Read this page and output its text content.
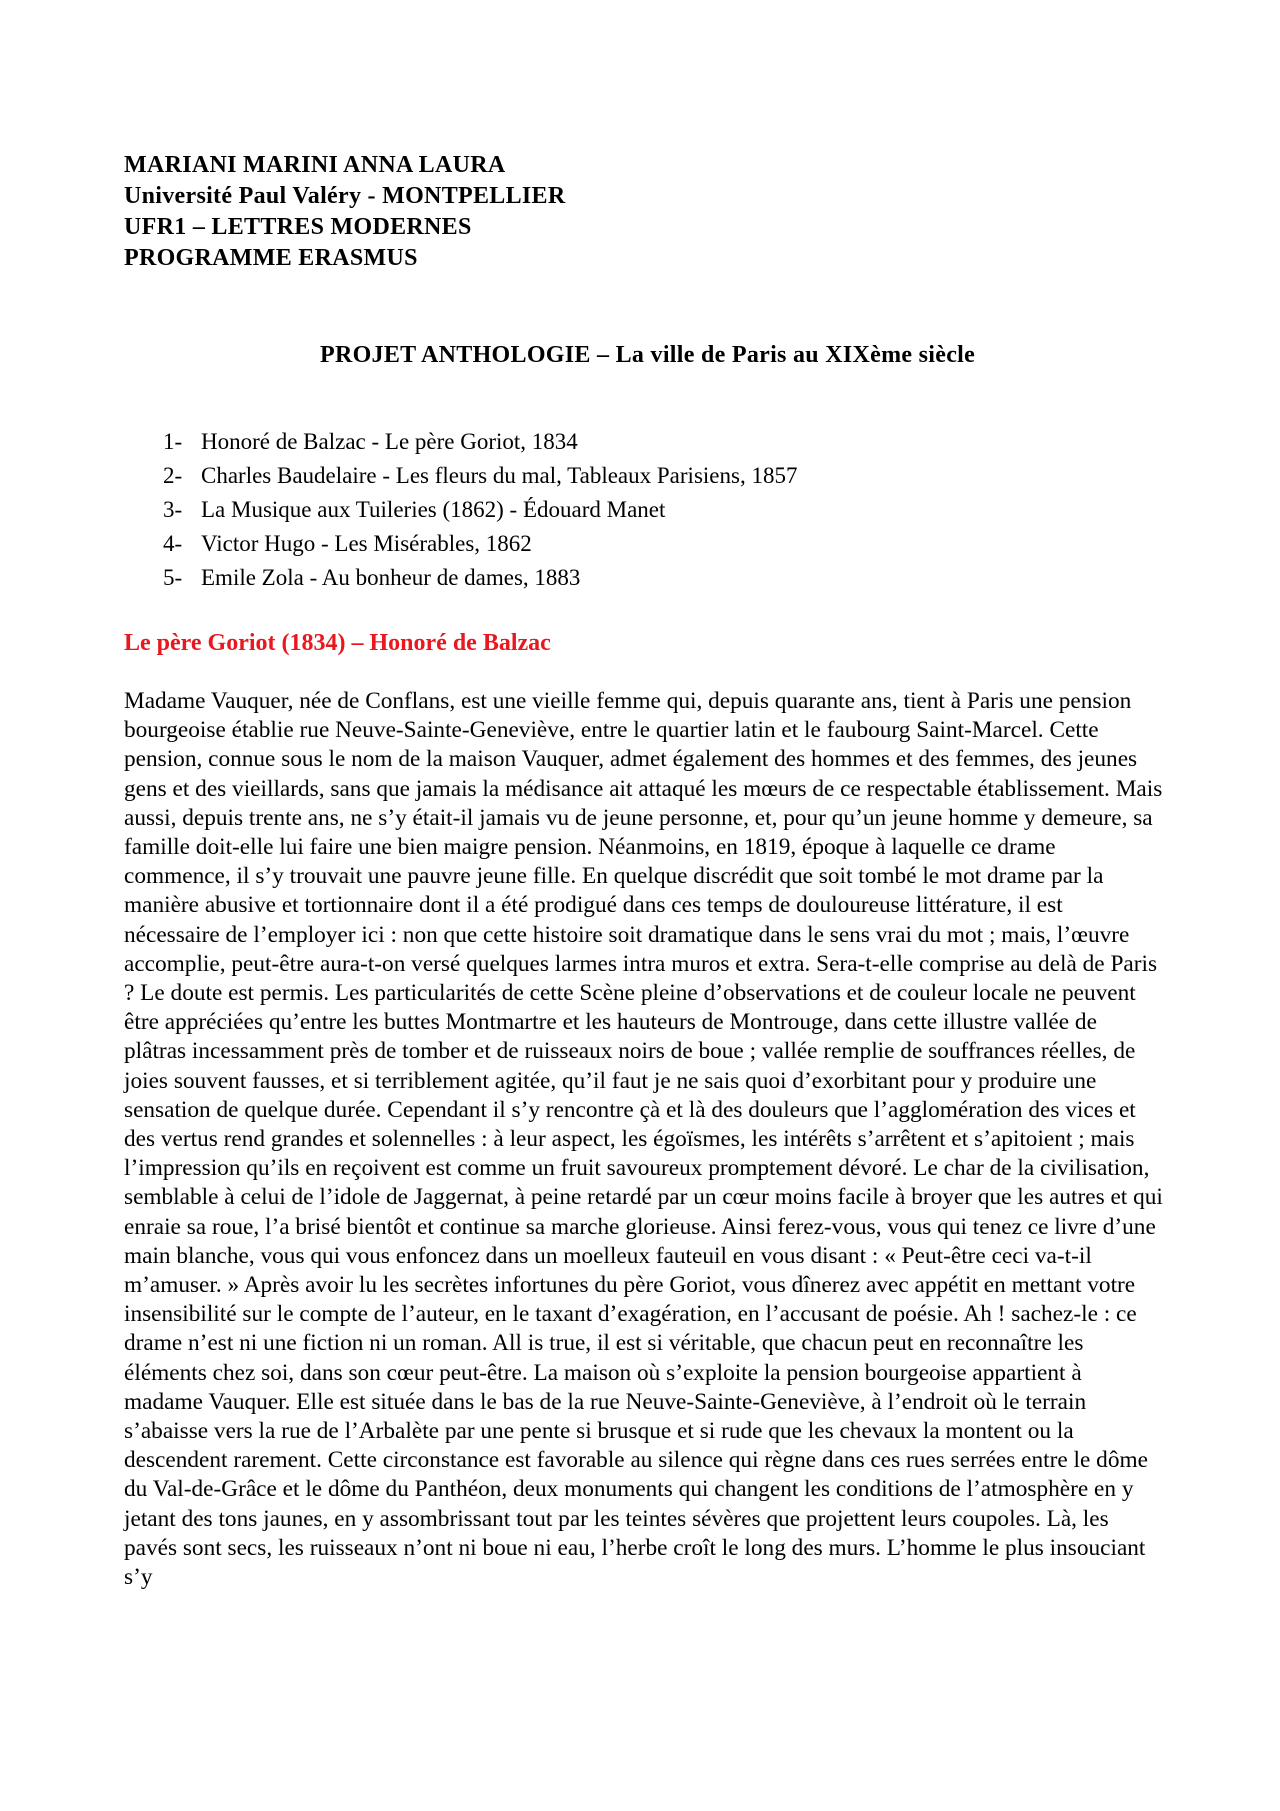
MARIANI MARINI ANNA LAURA
Université Paul Valéry - MONTPELLIER
UFR1 – LETTRES MODERNES
PROGRAMME ERASMUS
PROJET ANTHOLOGIE – La ville de Paris au XIXème siècle
1- Honoré de Balzac - Le père Goriot, 1834
2- Charles Baudelaire - Les fleurs du mal, Tableaux Parisiens, 1857
3- La Musique aux Tuileries (1862) - Édouard Manet
4- Victor Hugo - Les Misérables, 1862
5- Emile Zola - Au bonheur de dames, 1883
Le père Goriot (1834) – Honoré de Balzac

Madame Vauquer, née de Conflans, est une vieille femme qui, depuis quarante ans, tient à Paris une pension bourgeoise établie rue Neuve-Sainte-Geneviève, entre le quartier latin et le faubourg Saint-Marcel. Cette pension, connue sous le nom de la maison Vauquer, admet également des hommes et des femmes, des jeunes gens et des vieillards, sans que jamais la médisance ait attaqué les mœurs de ce respectable établissement. Mais aussi, depuis trente ans, ne s’y était-il jamais vu de jeune personne, et, pour qu’un jeune homme y demeure, sa famille doit-elle lui faire une bien maigre pension. Néanmoins, en 1819, époque à laquelle ce drame commence, il s’y trouvait une pauvre jeune fille. En quelque discrédit que soit tombé le mot drame par la manière abusive et tortionnaire dont il a été prodigué dans ces temps de douloureuse littérature, il est nécessaire de l’employer ici : non que cette histoire soit dramatique dans le sens vrai du mot ; mais, l’œuvre accomplie, peut-être aura-t-on versé quelques larmes intra muros et extra. Sera-t-elle comprise au delà de Paris ? Le doute est permis. Les particularités de cette Scène pleine d’observations et de couleur locale ne peuvent être appréciées qu’entre les buttes Montmartre et les hauteurs de Montrouge, dans cette illustre vallée de plâtras incessamment près de tomber et de ruisseaux noirs de boue ; vallée remplie de souffrances réelles, de joies souvent fausses, et si terriblement agitée, qu’il faut je ne sais quoi d’exorbitant pour y produire une sensation de quelque durée. Cependant il s’y rencontre çà et là des douleurs que l’agglomération des vices et des vertus rend grandes et solennelles : à leur aspect, les égoïsmes, les intérêts s’arrêtent et s’apitoient ; mais l’impression qu’ils en reçoivent est comme un fruit savoureux promptement dévoré. Le char de la civilisation, semblable à celui de l’idole de Jaggernat, à peine retardé par un cœur moins facile à broyer que les autres et qui enraie sa roue, l’a brisé bientôt et continue sa marche glorieuse. Ainsi ferez-vous, vous qui tenez ce livre d’une main blanche, vous qui vous enfoncez dans un moelleux fauteuil en vous disant : « Peut-être ceci va-t-il m’amuser. » Après avoir lu les secrètes infortunes du père Goriot, vous dînerez avec appétit en mettant votre insensibilité sur le compte de l’auteur, en le taxant d’exagération, en l’accusant de poésie. Ah ! sachez-le : ce drame n’est ni une fiction ni un roman. All is true, il est si véritable, que chacun peut en reconnaître les éléments chez soi, dans son cœur peut-être. La maison où s’exploite la pension bourgeoise appartient à madame Vauquer. Elle est située dans le bas de la rue Neuve-Sainte-Geneviève, à l’endroit où le terrain s’abaisse vers la rue de l’Arbalète par une pente si brusque et si rude que les chevaux la montent ou la descendent rarement. Cette circonstance est favorable au silence qui règne dans ces rues serrées entre le dôme du Val-de-Grâce et le dôme du Panthéon, deux monuments qui changent les conditions de l’atmosphère en y jetant des tons jaunes, en y assombrissant tout par les teintes sévères que projettent leurs coupoles. Là, les pavés sont secs, les ruisseaux n’ont ni boue ni eau, l’herbe croît le long des murs. L’homme le plus insouciant s’y
